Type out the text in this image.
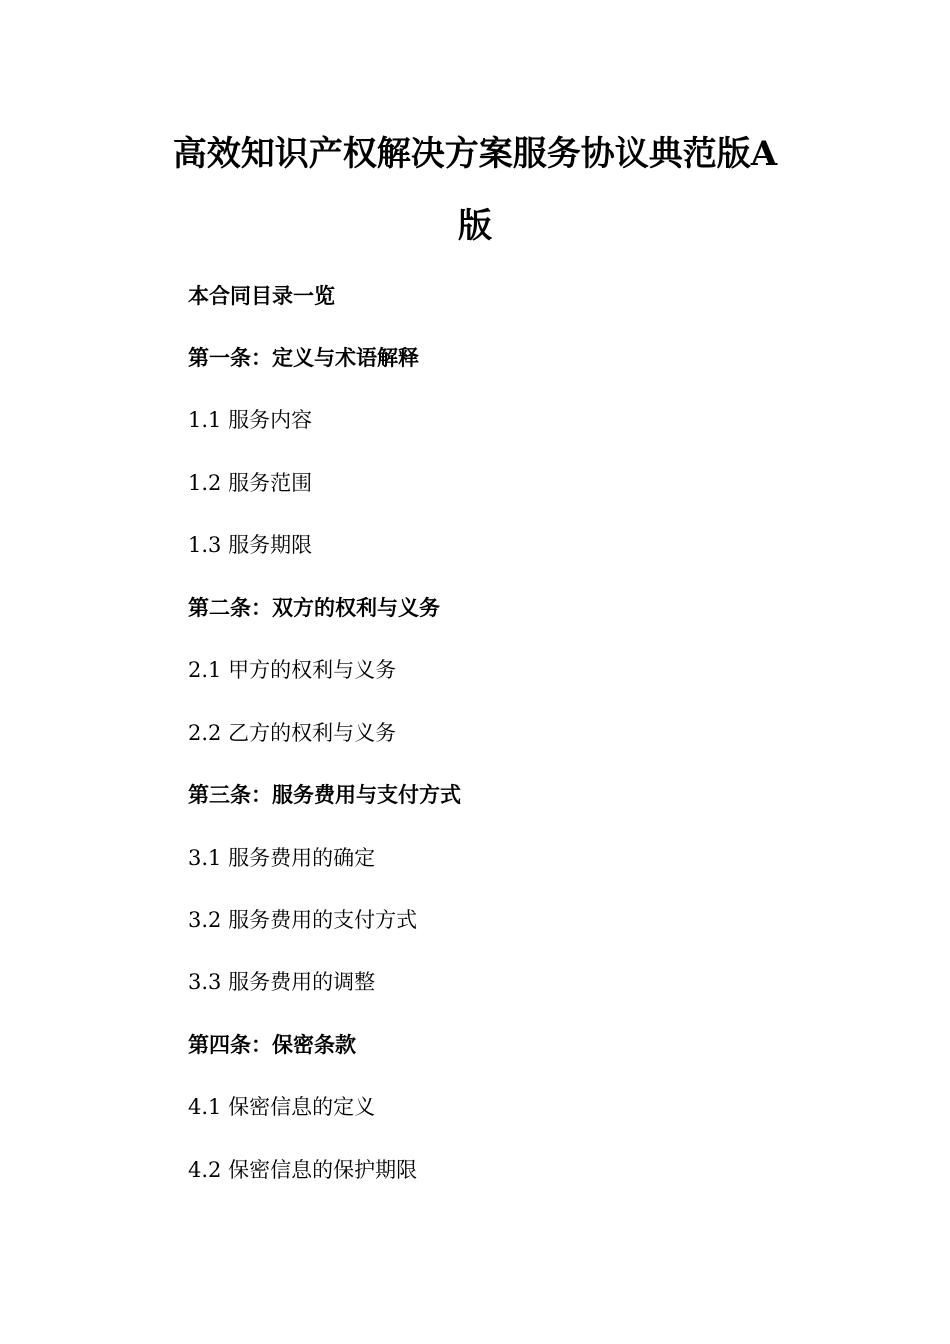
高效知识产权解决方案服务协议典范版A
版
本合同目录一览
第一条：定义与术语解释
1.1 服务内容
1.2 服务范围
1.3 服务期限
第二条：双方的权利与义务
2.1 甲方的权利与义务
2.2 乙方的权利与义务
第三条：服务费用与支付方式
3.1 服务费用的确定
3.2 服务费用的支付方式
3.3 服务费用的调整
第四条：保密条款
4.1 保密信息的定义
4.2 保密信息的保护期限
